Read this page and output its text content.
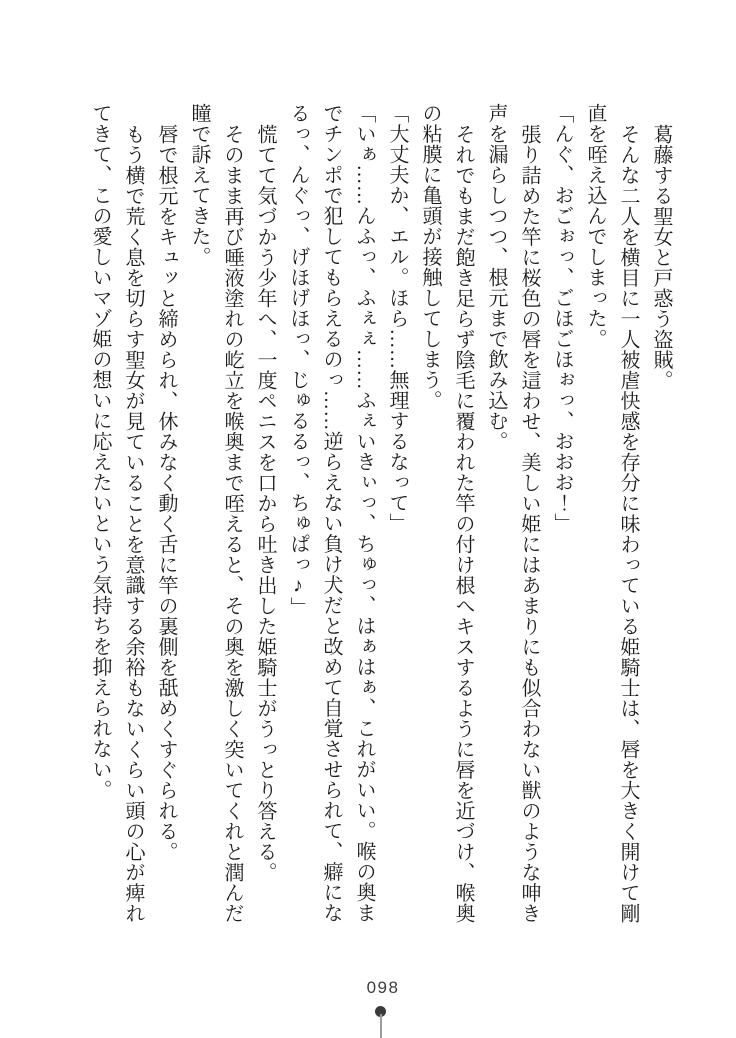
葛藤する聖女と戸惑う盗賊。

そんな二人を横目に一人被虐快感を存分に味わっている姫騎士は、唇を大きく開けて剛直を咥え込んでしまった。

「んぐ、おごぉっ、ごほごほぉっ、おおお！」

張り詰めた竿に桜色の唇を這わせ、美しい姫にはあまりにも似合わない獣のような呻き声を漏らしつつ、根元まで飲み込む。

それでもまだ飽き足らず陰毛に覆われた竿の付け根へキスするように唇を近づけ、喉奥の粘膜に亀頭が接触してしまう。

「大丈夫か、エル。ほら……無理するなって」

「いぁ……んふっ、ふぇぇ……ふぇいきぃっ、ちゅっ、はぁはぁ、これがいい。喉の奥までチンポで犯してもらえるのっ……逆らえない負け犬だと改めて自覚させられて、癖になるっ、んぐっ、げほげほっ、じゅるるっ、ちゅぱっ♪」

慌てて気づかう少年へ、一度ペニスを口から吐き出した姫騎士がうっとり答える。

そのまま再び唾液塗れの屹立を喉奥まで咥えると、その奥を激しく突いてくれと潤んだ瞳で訴えてきた。

唇で根元をキュッと締められ、休みなく動く舌に竿の裏側を舐めくすぐられる。

もう横で荒く息を切らす聖女が見ていることを意識する余裕もないくらい頭の心が痺れてきて、この愛しいマゾ姫の想いに応えたいという気持ちを抑えられない。

098
